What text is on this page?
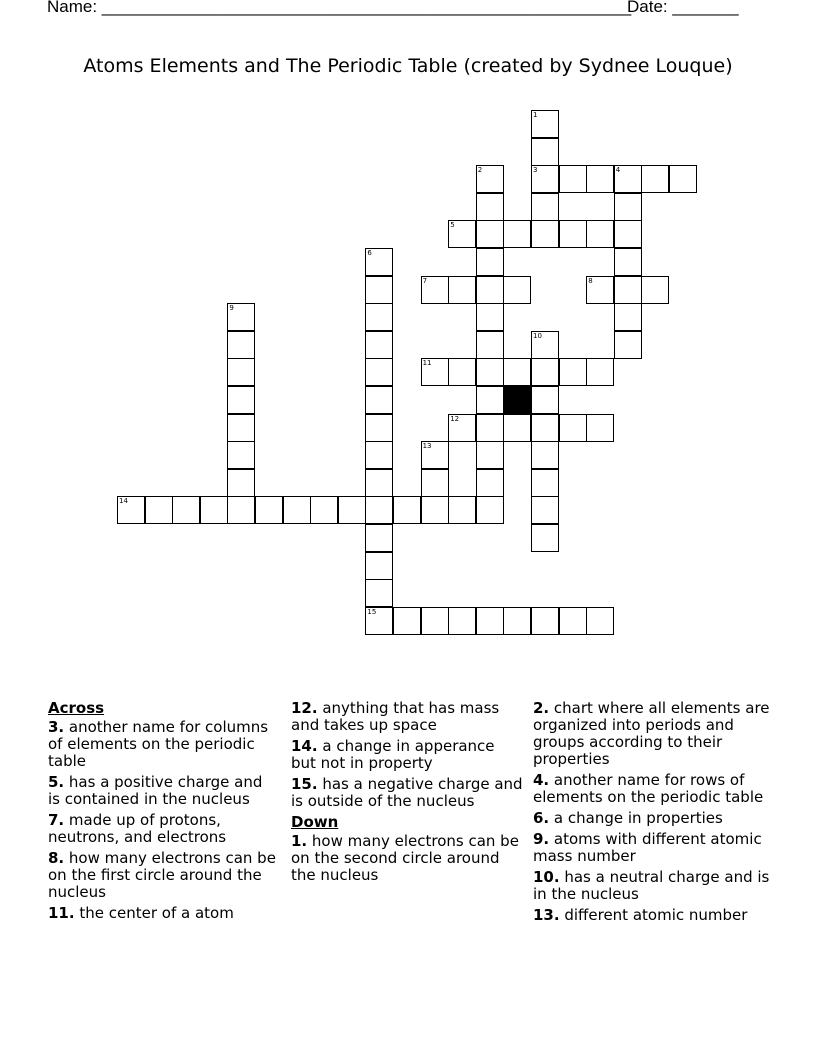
Name: ________________________________________________________
Date: _______
Atoms Elements and The Periodic Table (created by Sydnee Louque)
1
3
2	4
5
6
15
7	8
9
10
11
12
13
14
Across
3. another name for columns of elements on the periodic table
5. has a positive charge and is contained in the nucleus
7. made up of protons, neutrons, and electrons
8. how many electrons can be on the first circle around the nucleus
11. the center of a atom
12. anything that has mass and takes up space
14. a change in apperance but not in property
15. has a negative charge and is outside of the nucleus
Down
1. how many electrons can be on the second circle around the nucleus
2. chart where all elements are organized into periods and groups according to their properties
4. another name for rows of elements on the periodic table
6. a change in properties
9. atoms with different atomic mass number
10. has a neutral charge and is in the nucleus
13. different atomic number
